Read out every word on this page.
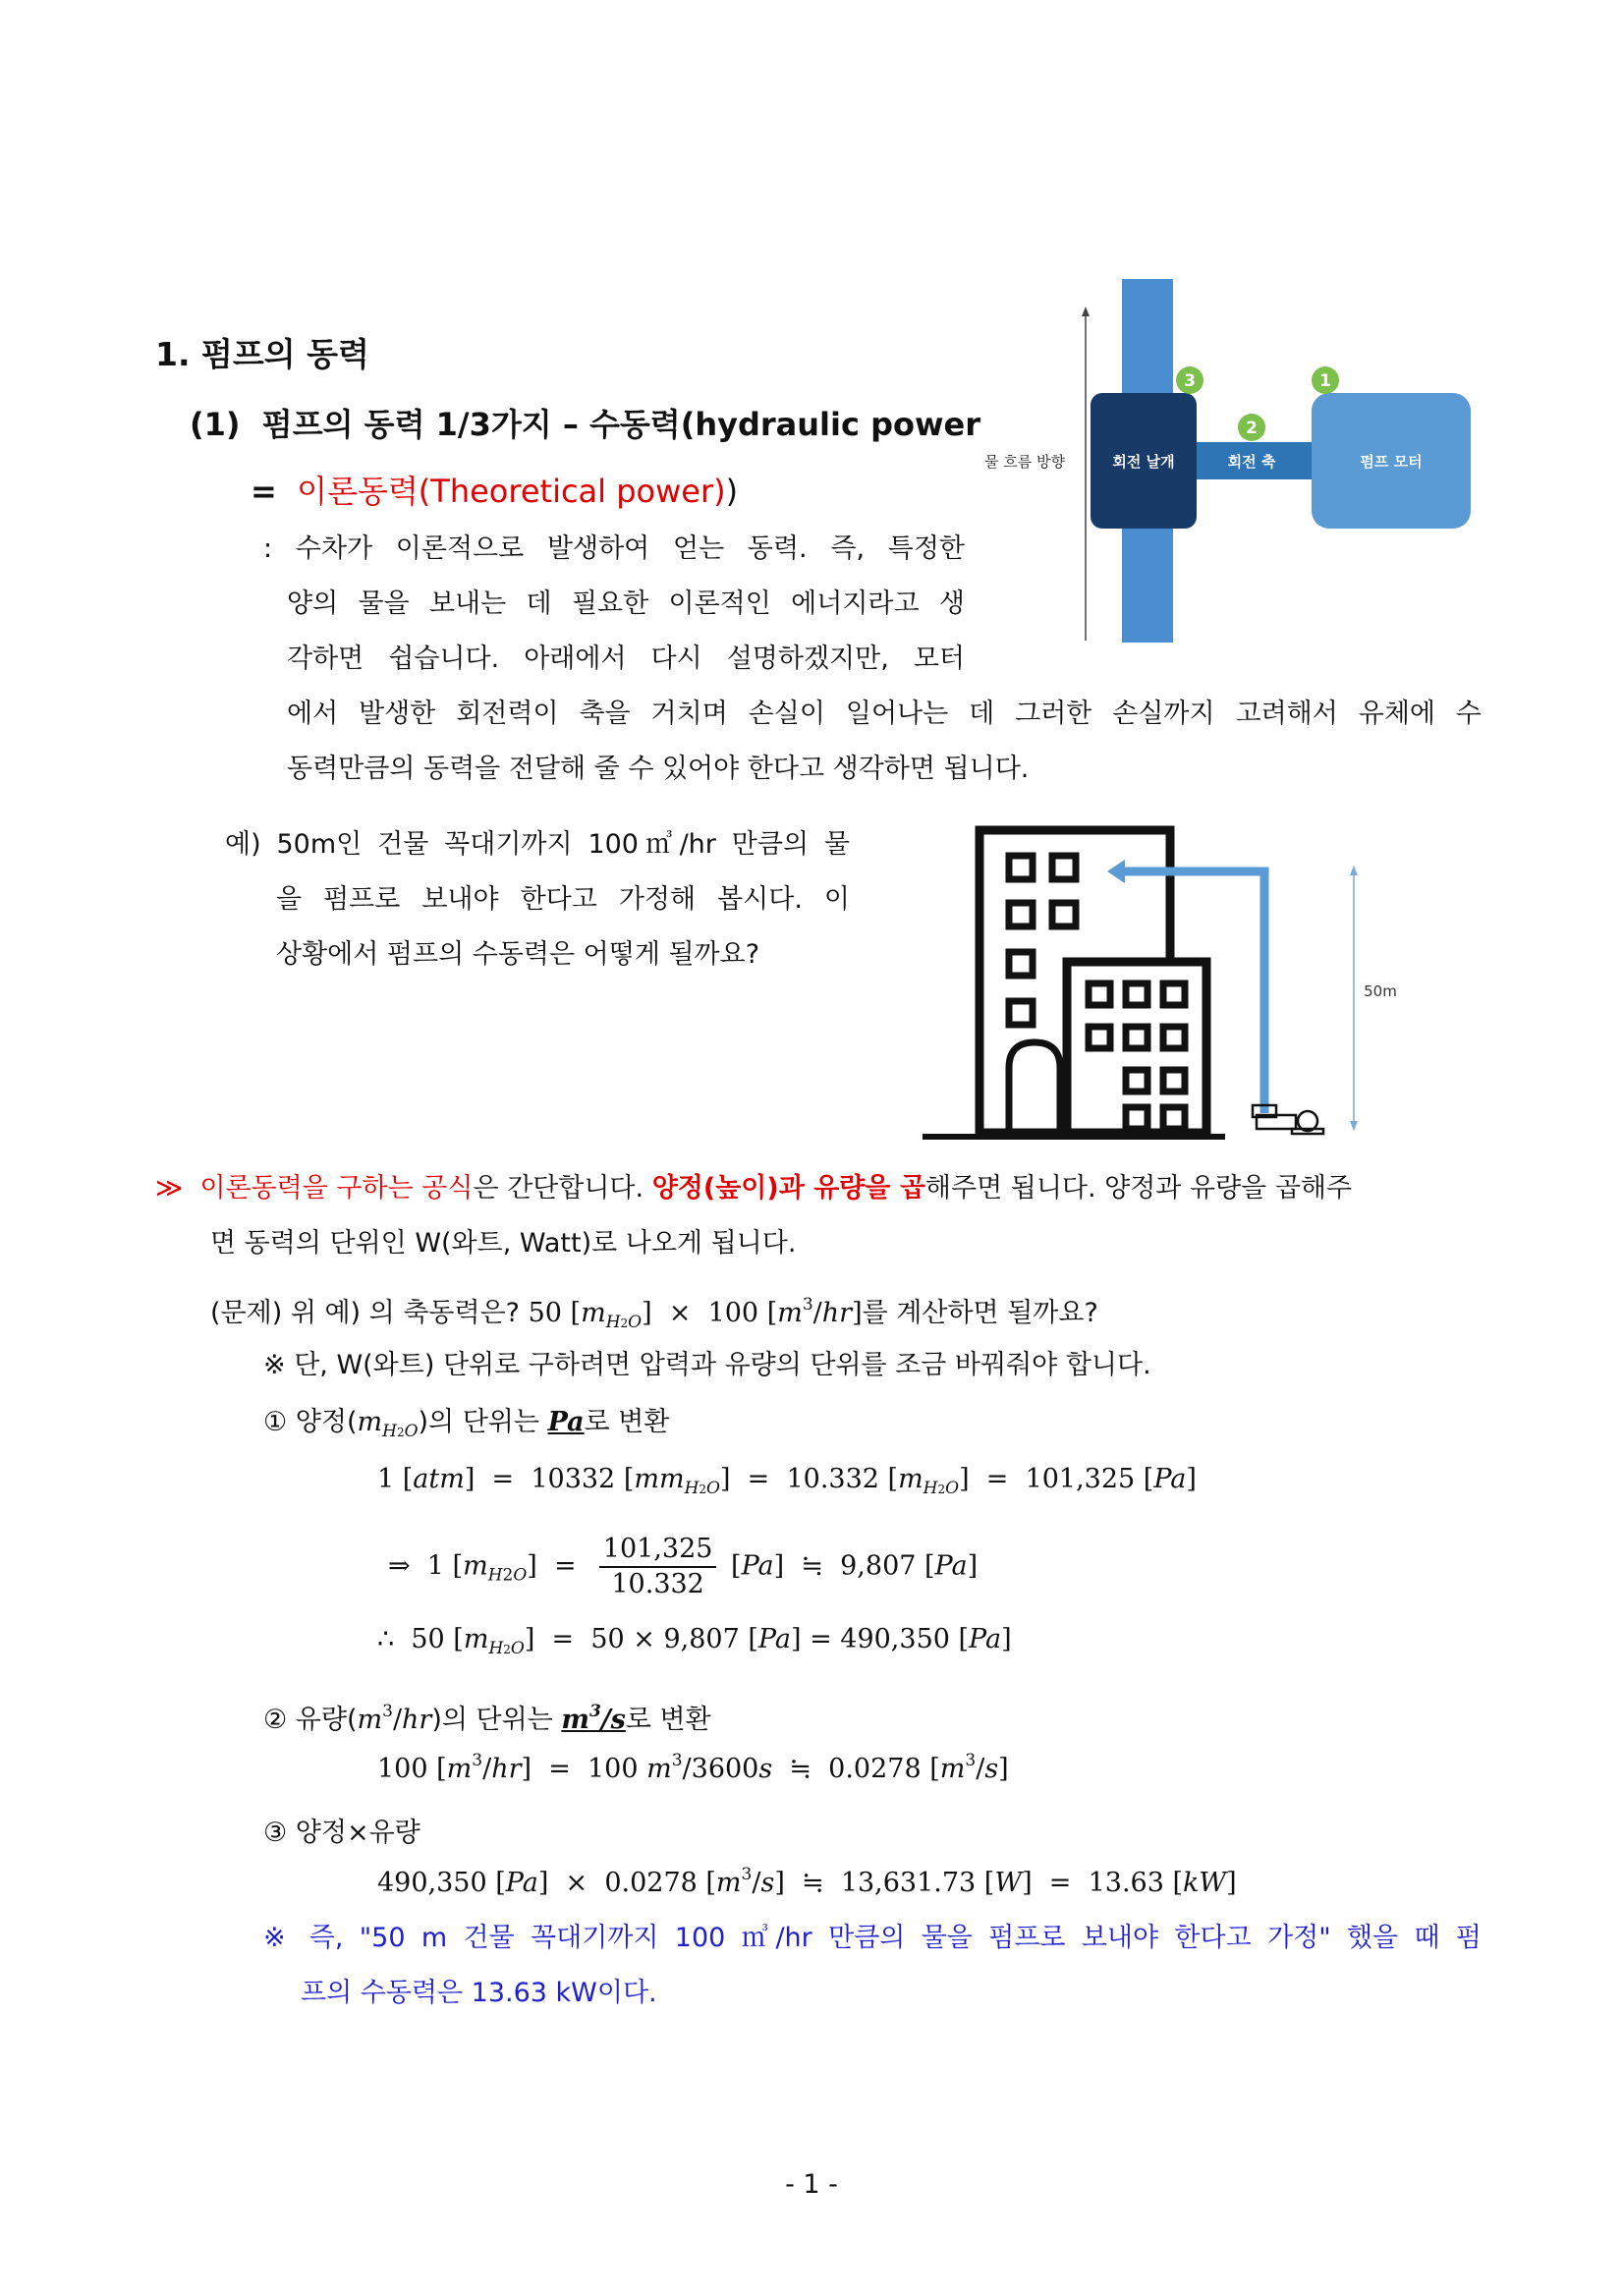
1. 펌프의 동력
(1) 펌프의 동력 1/3가지 – 수동력(hydraulic power
= 이론동력(Theoretical power))
: 수차가 이론적으로 발생하여 얻는 동력. 즉, 특정한
양의 물을 보내는 데 필요한 이론적인 에너지라고 생
각하면 쉽습니다. 아래에서 다시 설명하겠지만, 모터
에서 발생한 회전력이 축을 거치며 손실이 일어나는 데 그러한 손실까지 고려해서 유체에 수
동력만큼의 동력을 전달해 줄 수 있어야 한다고 생각하면 됩니다.
물 흐름 방향	회전 날개	회전 축	펌프 모터
3
2
1
예) 50m인 건물 꼭대기까지 100㎥/hr 만큼의 물
을 펌프로 보내야 한다고 가정해 봅시다. 이
상황에서 펌프의 수동력은 어떻게 될까요?
50m
≫ 이론동력을 구하는 공식은 간단합니다. 양정(높이)과 유량을 곱해주면 됩니다. 양정과 유량을 곱해주
면 동력의 단위인 W(와트, Watt)로 나오게 됩니다.
(문제) 위 예) 의 축동력은? 50 $[m_{H2O}] \times 100$ $[m^3/hr]$를 계산하면 될까요?
※ 단, W(와트) 단위로 구하려면 압력과 유량의 단위를 조금 바꿔줘야 합니다.
① 양정$(m_{H2O})$의 단위는 Pa로 변환
1 [atm]  =  10332 $[mm_{H2O}] = 10.332$ $[m_{H2O}] = 101,325$ [Pa]
⇒  1 $[m_{H2O}] = \frac{101,325}{10.332} [Pa]$  ≒  9,807 [Pa]
∴  50 $[m_{H2O}] = 50 \times 9,807$ [Pa] = 490,350 [Pa]
② 유량$(m^3/hr)$의 단위는 $m^3/s$로 변환
100 $[m^3/hr] = 100$ $m^3/3600s$  ≒  0.0278 $[m^3/s]$
③ 양정×유량
490,350 [Pa]  ×  0.0278 $[m^3/s]$  ≒  13,631.73 [W]  =  13.63 [kW]
※ 즉, "50 m 건물 꼭대기까지 100 ㎥/hr 만큼의 물을 펌프로 보내야 한다고 가정" 했을 때 펌
프의 수동력은 13.63 kW이다.
- 1 -
